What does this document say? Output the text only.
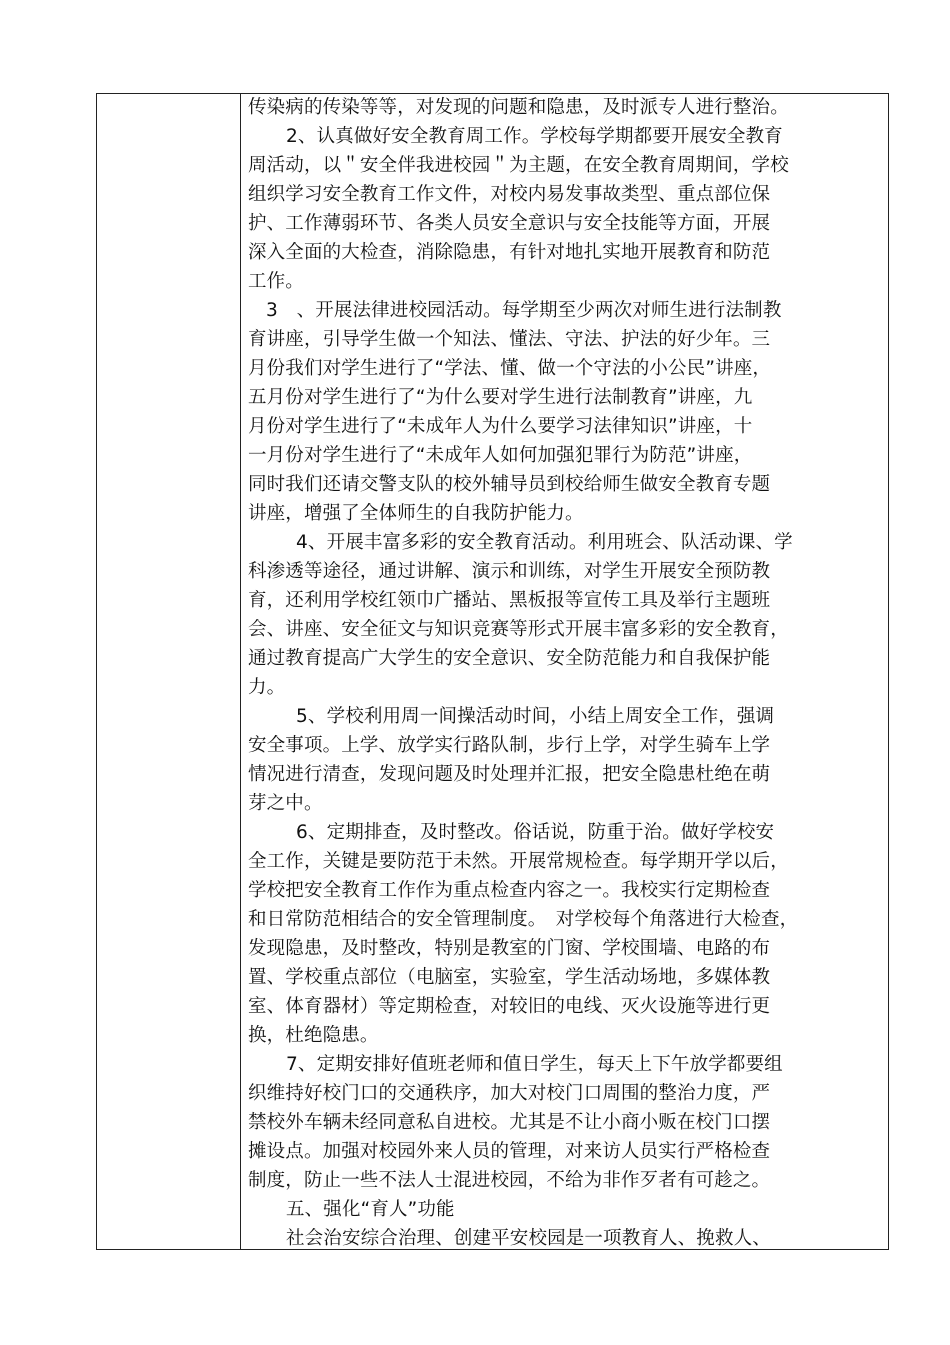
传染病的传染等等，对发现的问题和隐患，及时派专人进行整治。
2、认真做好安全教育周工作。学校每学期都要开展安全教育
周活动，以＂安全伴我进校园＂为主题，在安全教育周期间，学校
组织学习安全教育工作文件，对校内易发事故类型、重点部位保
护、工作薄弱环节、各类人员安全意识与安全技能等方面，开展
深入全面的大检查，消除隐患，有针对地扎实地开展教育和防范
工作。
3　、开展法律进校园活动。每学期至少两次对师生进行法制教
育讲座，引导学生做一个知法、懂法、守法、护法的好少年。三
月份我们对学生进行了“学法、懂、做一个守法的小公民”讲座，
五月份对学生进行了“为什么要对学生进行法制教育”讲座，九
月份对学生进行了“未成年人为什么要学习法律知识”讲座，十
一月份对学生进行了“未成年人如何加强犯罪行为防范”讲座，
同时我们还请交警支队的校外辅导员到校给师生做安全教育专题
讲座，增强了全体师生的自我防护能力。
4、开展丰富多彩的安全教育活动。利用班会、队活动课、学
科渗透等途径，通过讲解、演示和训练，对学生开展安全预防教
育，还利用学校红领巾广播站、黑板报等宣传工具及举行主题班
会、讲座、安全征文与知识竞赛等形式开展丰富多彩的安全教育，
通过教育提高广大学生的安全意识、安全防范能力和自我保护能
力。
5、学校利用周一间操活动时间，小结上周安全工作，强调
安全事项。上学、放学实行路队制，步行上学，对学生骑车上学
情况进行清查，发现问题及时处理并汇报，把安全隐患杜绝在萌
芽之中。
6、定期排查，及时整改。俗话说，防重于治。做好学校安
全工作，关键是要防范于未然。开展常规检查。每学期开学以后，
学校把安全教育工作作为重点检查内容之一。我校实行定期检查
和日常防范相结合的安全管理制度。　对学校每个角落进行大检查，
发现隐患，及时整改，特别是教室的门窗、学校围墙、电路的布
置、学校重点部位（电脑室，实验室，学生活动场地，多媒体教
室、体育器材）等定期检查，对较旧的电线、灭火设施等进行更
换，杜绝隐患。
7、定期安排好值班老师和值日学生，每天上下午放学都要组
织维持好校门口的交通秩序，加大对校门口周围的整治力度，严
禁校外车辆未经同意私自进校。尤其是不让小商小贩在校门口摆
摊设点。加强对校园外来人员的管理，对来访人员实行严格检查
制度，防止一些不法人士混进校园，不给为非作歹者有可趁之。
五、强化“育人”功能
社会治安综合治理、创建平安校园是一项教育人、挽救人、
